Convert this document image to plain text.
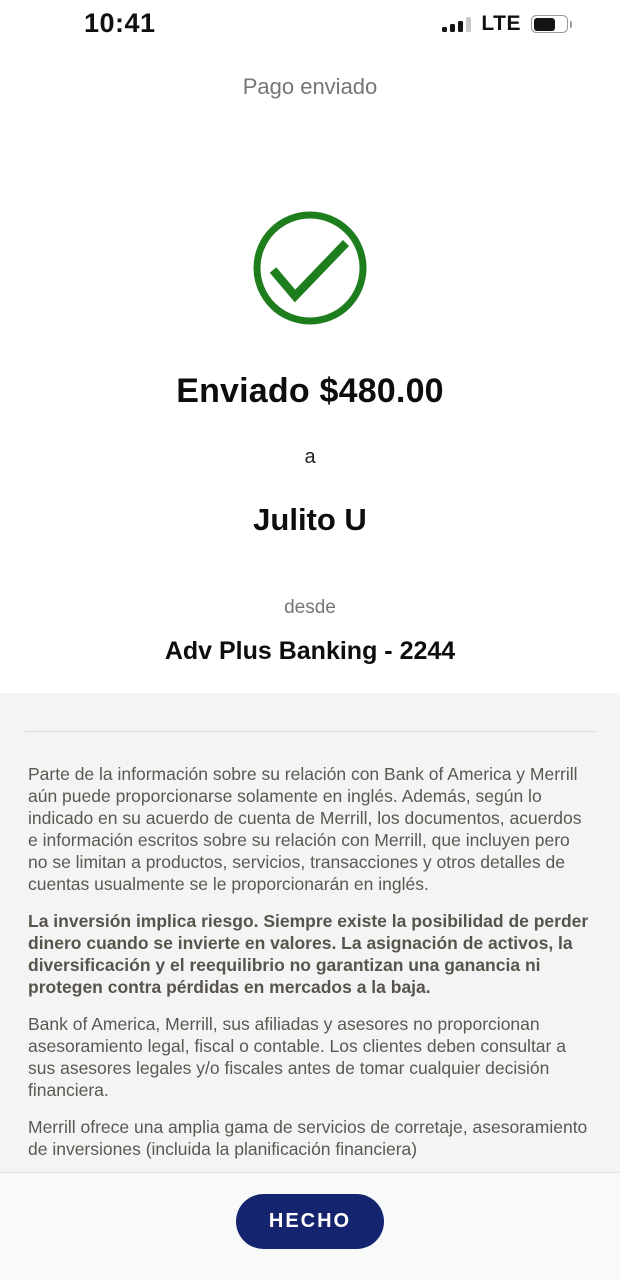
10:41	LTE
Pago enviado
Enviado $480.00
a
Julito U
desde
Adv Plus Banking - 2244

Parte de la información sobre su relación con Bank of America y Merrill aún puede proporcionarse solamente en inglés. Además, según lo indicado en su acuerdo de cuenta de Merrill, los documentos, acuerdos e información escritos sobre su relación con Merrill, que incluyen pero no se limitan a productos, servicios, transacciones y otros detalles de cuentas usualmente se le proporcionarán en inglés.

La inversión implica riesgo. Siempre existe la posibilidad de perder dinero cuando se invierte en valores. La asignación de activos, la diversificación y el reequilibrio no garantizan una ganancia ni protegen contra pérdidas en mercados a la baja.

Bank of America, Merrill, sus afiliadas y asesores no proporcionan asesoramiento legal, fiscal o contable. Los clientes deben consultar a sus asesores legales y/o fiscales antes de tomar cualquier decisión financiera.

Merrill ofrece una amplia gama de servicios de corretaje, asesoramiento de inversiones (incluida la planificación financiera)

HECHO
